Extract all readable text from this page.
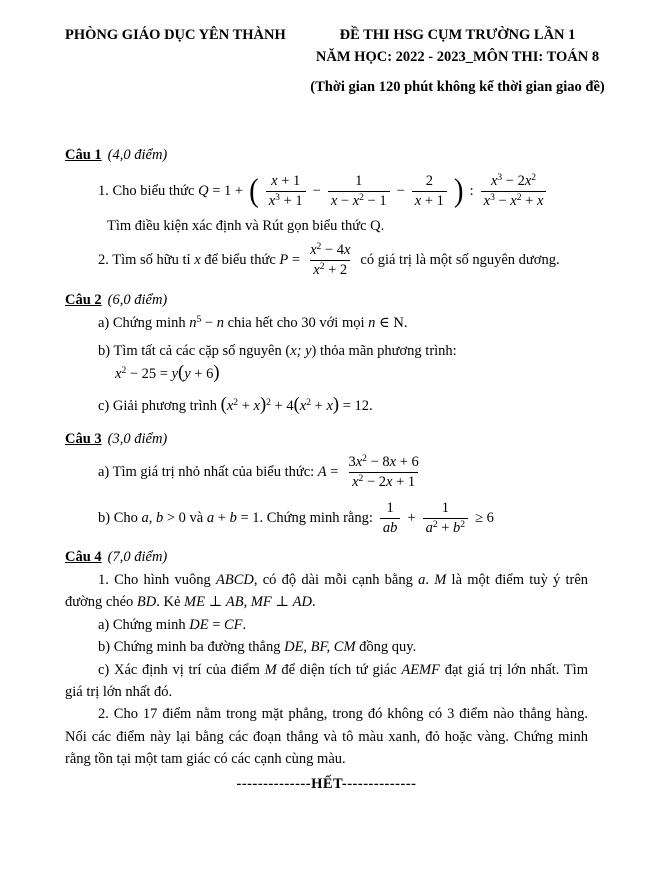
PHÒNG GIÁO DỤC YÊN THÀNH	ĐỀ THI HSG CỤM TRƯỜNG LẦN 1
NĂM HỌC: 2022 - 2023_MÔN THI: TOÁN 8
(Thời gian 120 phút không kể thời gian giao đề)
Câu 1 (4,0 điểm)
1. Cho biểu thức Q = 1 + ( $\frac{x + 1}{x^3 + 1} - \frac{1}{x - x^2 - 1} - \frac{2}{x + 1}$ ) : $\frac{x^3 - 2x^2}{x^3 - x^2 + x}$
Tìm điều kiện xác định và Rút gọn biểu thức Q.
2. Tìm số hữu tỉ x để biểu thức $P = \frac{x^2 - 4x}{x^2 + 2}$ có giá trị là một số nguyên dương.
Câu 2 (6,0 điểm)
a) Chứng minh $n^5 - n$ chia hết cho 30 với mọi n ∈ N.
b) Tìm tất cả các cặp số nguyên (x; y) thỏa mãn phương trình:
$x^2 - 25 = y(y + 6)$
c) Giải phương trình $(x^2 + x)^2 + 4(x^2 + x) = 12$.
Câu 3 (3,0 điểm)
a) Tìm giá trị nhỏ nhất của biểu thức: $A = \frac{3x^2 - 8x + 6}{x^2 - 2x + 1}$
b) Cho a, b > 0 và a + b = 1. Chứng minh rằng: $\frac{1}{ab} + \frac{1}{a^2 + b^2} \ge 6$
Câu 4 (7,0 điểm)
1. Cho hình vuông ABCD, có độ dài mỗi cạnh bằng a. M là một điểm tuỳ ý trên đường chéo BD. Kẻ ME ⊥ AB, MF ⊥ AD.
a) Chứng minh DE = CF.
b) Chứng minh ba đường thẳng DE, BF, CM đồng quy.
c) Xác định vị trí của điểm M để diện tích tứ giác AEMF đạt giá trị lớn nhất. Tìm giá trị lớn nhất đó.
2. Cho 17 điểm nằm trong mặt phẳng, trong đó không có 3 điểm nào thẳng hàng. Nối các điểm này lại bằng các đoạn thẳng và tô màu xanh, đỏ hoặc vàng. Chứng minh rằng tồn tại một tam giác có các cạnh cùng màu.
--------------HẾT--------------
